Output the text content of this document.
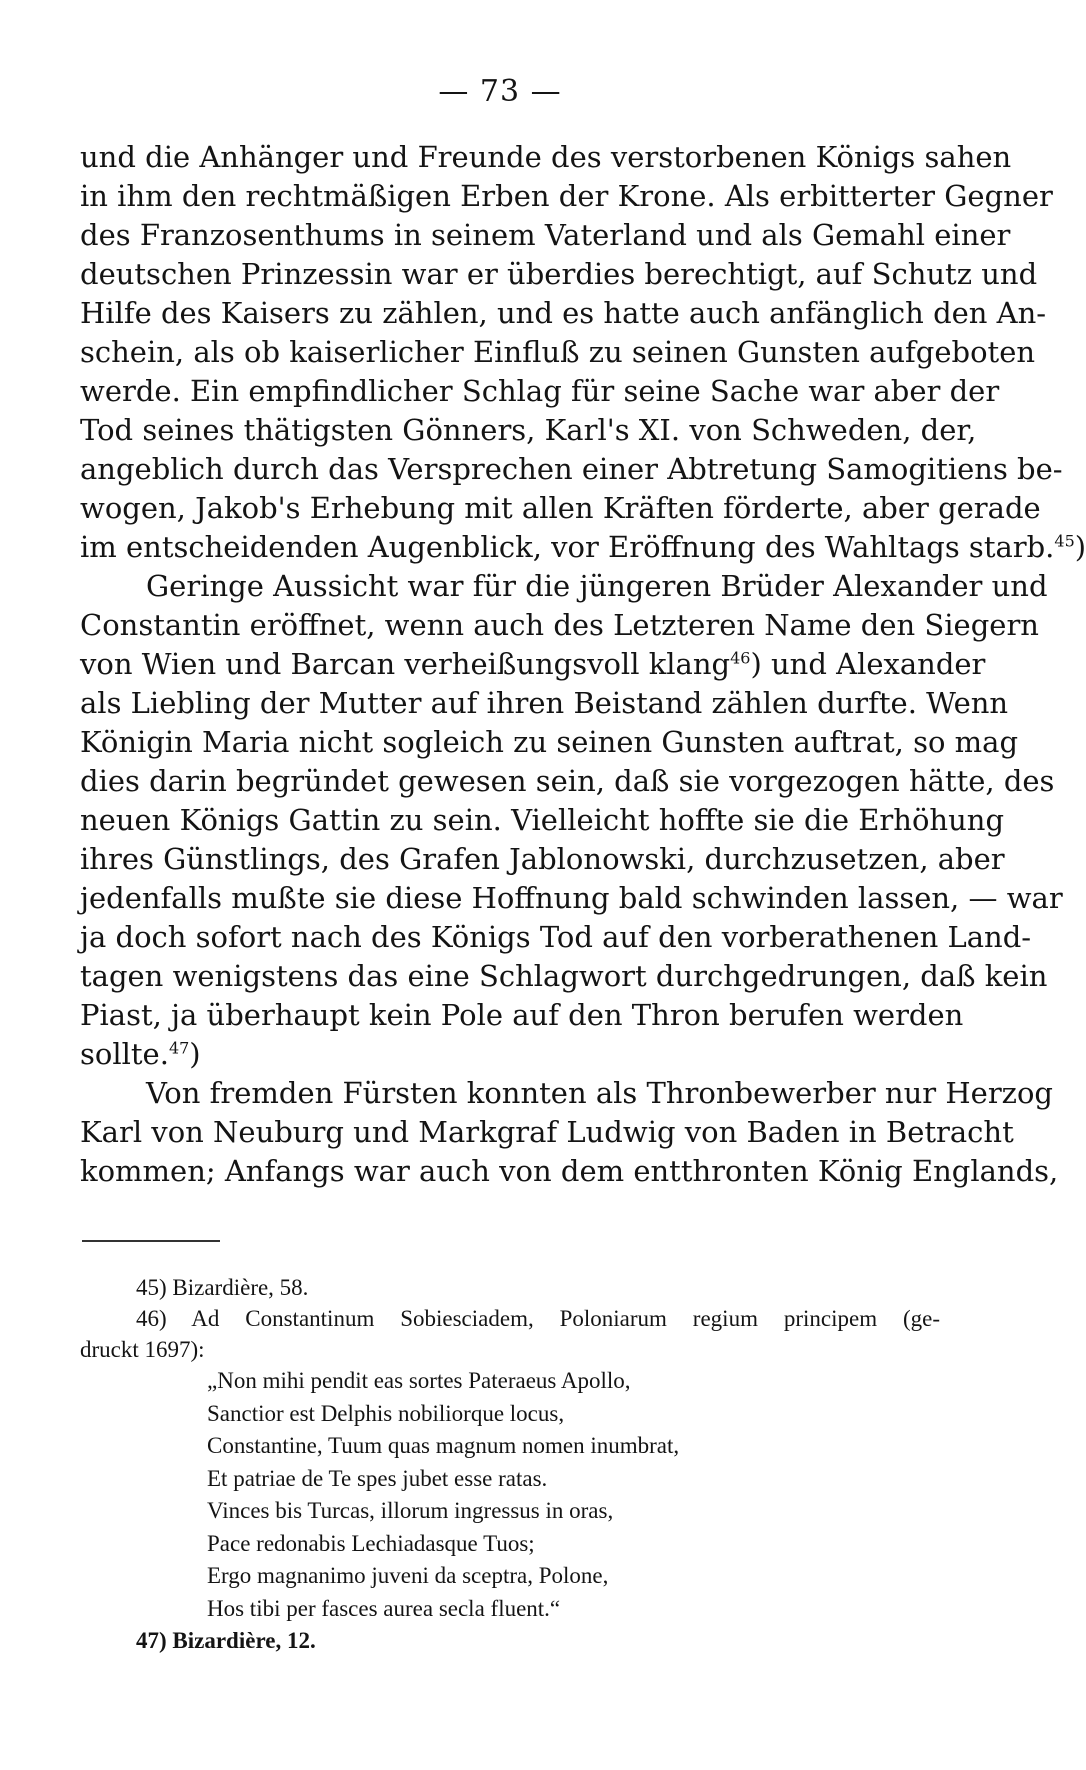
— 73 —
und die Anhänger und Freunde des verstorbenen Königs sahen
in ihm den rechtmäßigen Erben der Krone. Als erbitterter Gegner
des Franzosenthums in seinem Vaterland und als Gemahl einer
deutschen Prinzessin war er überdies berechtigt, auf Schutz und
Hilfe des Kaisers zu zählen, und es hatte auch anfänglich den An-
schein, als ob kaiserlicher Einfluß zu seinen Gunsten aufgeboten
werde. Ein empfindlicher Schlag für seine Sache war aber der
Tod seines thätigsten Gönners, Karl's XI. von Schweden, der,
angeblich durch das Versprechen einer Abtretung Samogitiens be-
wogen, Jakob's Erhebung mit allen Kräften förderte, aber gerade
im entscheidenden Augenblick, vor Eröffnung des Wahltags starb.$^{45}$)
Geringe Aussicht war für die jüngeren Brüder Alexander und
Constantin eröffnet, wenn auch des Letzteren Name den Siegern
von Wien und Barcan verheißungsvoll klang$^{46}$) und Alexander
als Liebling der Mutter auf ihren Beistand zählen durfte. Wenn
Königin Maria nicht sogleich zu seinen Gunsten auftrat, so mag
dies darin begründet gewesen sein, daß sie vorgezogen hätte, des
neuen Königs Gattin zu sein. Vielleicht hoffte sie die Erhöhung
ihres Günstlings, des Grafen Jablonowski, durchzusetzen, aber
jedenfalls mußte sie diese Hoffnung bald schwinden lassen, — war
ja doch sofort nach des Königs Tod auf den vorberathenen Land-
tagen wenigstens das eine Schlagwort durchgedrungen, daß kein
Piast, ja überhaupt kein Pole auf den Thron berufen werden
sollte.$^{47}$)
Von fremden Fürsten konnten als Thronbewerber nur Herzog
Karl von Neuburg und Markgraf Ludwig von Baden in Betracht
kommen; Anfangs war auch von dem entthronten König Englands,
45) Bizardière, 58.
46) Ad Constantinum Sobiesciadem, Poloniarum regium principem (ge-
druckt 1697):
„Non mihi pendit eas sortes Pateraeus Apollo,
Sanctior est Delphis nobiliorque locus,
Constantine, Tuum quas magnum nomen inumbrat,
Et patriae de Te spes jubet esse ratas.
Vinces bis Turcas, illorum ingressus in oras,
Pace redonabis Lechiadasque Tuos;
Ergo magnanimo juveni da sceptra, Polone,
Hos tibi per fasces aurea secla fluent.“
47) Bizardière, 12.
